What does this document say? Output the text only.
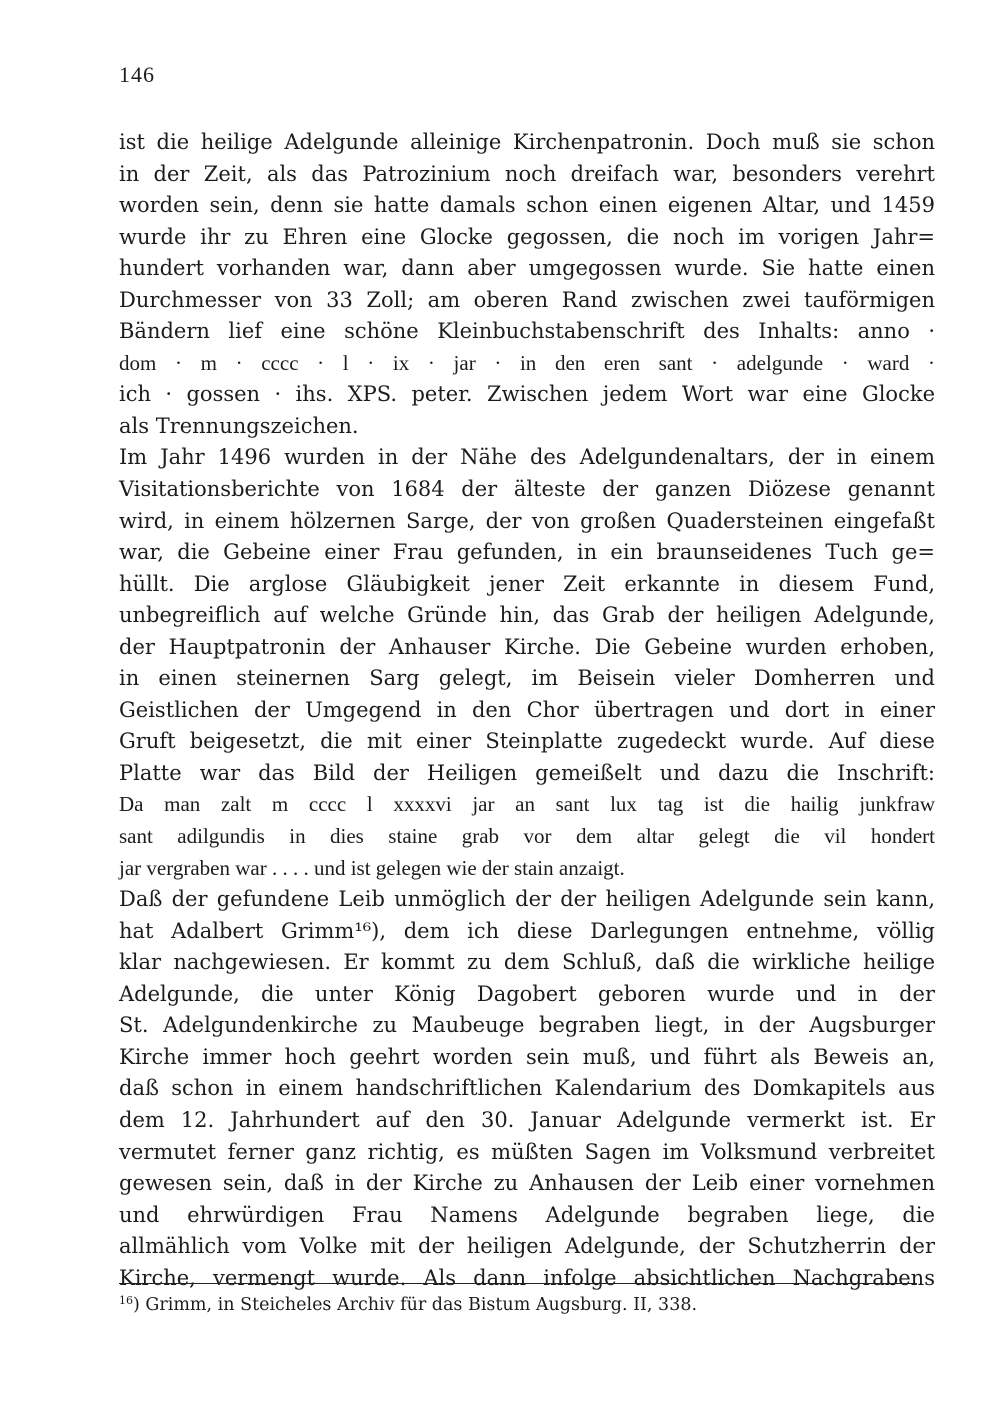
146
ist die heilige Adelgunde alleinige Kirchenpatronin. Doch muß sie schon
in der Zeit, als das Patrozinium noch dreifach war, besonders verehrt
worden sein, denn sie hatte damals schon einen eigenen Altar, und 1459
wurde ihr zu Ehren eine Glocke gegossen, die noch im vorigen Jahr=
hundert vorhanden war, dann aber umgegossen wurde. Sie hatte einen
Durchmesser von 33 Zoll; am oberen Rand zwischen zwei tauförmigen
Bändern lief eine schöne Kleinbuchstabenschrift des Inhalts: anno ·
dom · m · cccc · l · ix · jar · in den eren sant · adelgunde · ward ·
ich · gossen · ihs. XPS. peter. Zwischen jedem Wort war eine Glocke
als Trennungszeichen.
Im Jahr 1496 wurden in der Nähe des Adelgundenaltars, der in einem
Visitationsberichte von 1684 der älteste der ganzen Diözese genannt
wird, in einem hölzernen Sarge, der von großen Quadersteinen eingefaßt
war, die Gebeine einer Frau gefunden, in ein braunseidenes Tuch ge=
hüllt. Die arglose Gläubigkeit jener Zeit erkannte in diesem Fund,
unbegreiflich auf welche Gründe hin, das Grab der heiligen Adelgunde,
der Hauptpatronin der Anhauser Kirche. Die Gebeine wurden erhoben,
in einen steinernen Sarg gelegt, im Beisein vieler Domherren und
Geistlichen der Umgegend in den Chor übertragen und dort in einer
Gruft beigesetzt, die mit einer Steinplatte zugedeckt wurde. Auf diese
Platte war das Bild der Heiligen gemeißelt und dazu die Inschrift:
Da man zalt m cccc l xxxxvi jar an sant lux tag ist die hailig junkfraw
sant adilgundis in dies staine grab vor dem altar gelegt die vil hondert
jar vergraben war . . . . und ist gelegen wie der stain anzaigt.
Daß der gefundene Leib unmöglich der der heiligen Adelgunde sein kann,
hat Adalbert Grimm¹⁶), dem ich diese Darlegungen entnehme, völlig
klar nachgewiesen. Er kommt zu dem Schluß, daß die wirkliche heilige
Adelgunde, die unter König Dagobert geboren wurde und in der
St. Adelgundenkirche zu Maubeuge begraben liegt, in der Augsburger
Kirche immer hoch geehrt worden sein muß, und führt als Beweis an,
daß schon in einem handschriftlichen Kalendarium des Domkapitels aus
dem 12. Jahrhundert auf den 30. Januar Adelgunde vermerkt ist. Er
vermutet ferner ganz richtig, es müßten Sagen im Volksmund verbreitet
gewesen sein, daß in der Kirche zu Anhausen der Leib einer vornehmen
und ehrwürdigen Frau Namens Adelgunde begraben liege, die
allmählich vom Volke mit der heiligen Adelgunde, der Schutzherrin der
Kirche, vermengt wurde. Als dann infolge absichtlichen Nachgrabens
$^{16}$) Grimm, in Steicheles Archiv für das Bistum Augsburg. II, 338.
